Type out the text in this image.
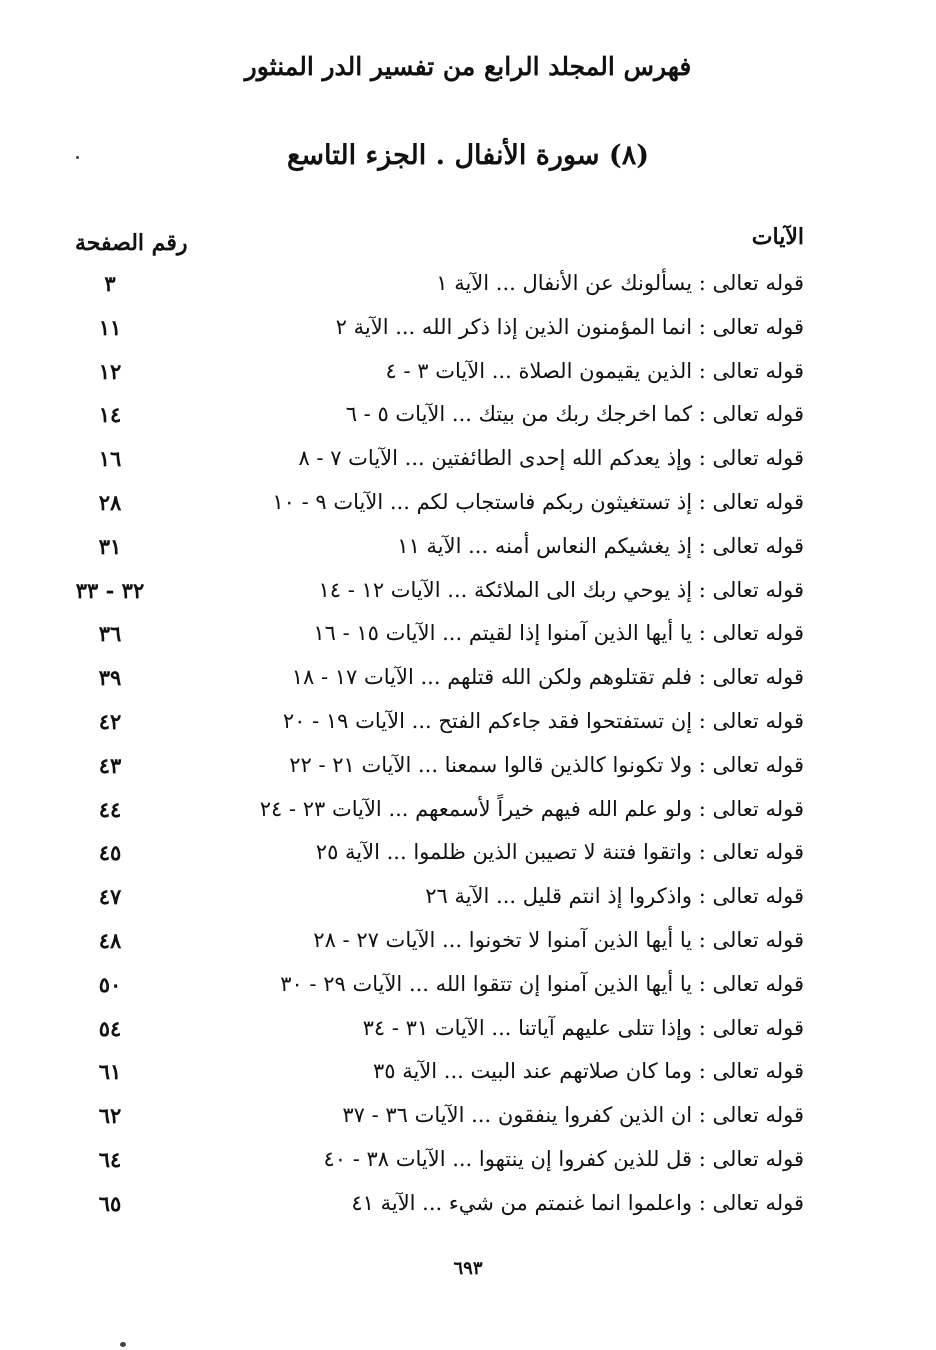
فهرس المجلد الرابع من تفسير الدر المنثور
(٨) سورة الأنفال . الجزء التاسع
الآيات
رقم الصفحة
قوله تعالى : يسألونك عن الأنفال ... الآية ١
٣
قوله تعالى : انما المؤمنون الذين إذا ذكر الله ... الآية ٢
١١
قوله تعالى : الذين يقيمون الصلاة ... الآيات ٣ - ٤
١٢
قوله تعالى : كما اخرجك ربك من بيتك ... الآيات ٥ - ٦
١٤
قوله تعالى : وإذ يعدكم الله إحدى الطائفتين ... الآيات ٧ - ٨
١٦
قوله تعالى : إذ تستغيثون ربكم فاستجاب لكم ... الآيات ٩ - ١٠
٢٨
قوله تعالى : إذ يغشيكم النعاس أمنه ... الآية ١١
٣١
قوله تعالى : إذ يوحي ربك الى الملائكة ... الآيات ١٢ - ١٤
٣٢ - ٣٣
قوله تعالى : يا أيها الذين آمنوا إذا لقيتم ... الآيات ١٥ - ١٦
٣٦
قوله تعالى : فلم تقتلوهم ولكن الله قتلهم ... الآيات ١٧ - ١٨
٣٩
قوله تعالى : إن تستفتحوا فقد جاءكم الفتح ... الآيات ١٩ - ٢٠
٤٢
قوله تعالى : ولا تكونوا كالذين قالوا سمعنا ... الآيات ٢١ - ٢٢
٤٣
قوله تعالى : ولو علم الله فيهم خيراً لأسمعهم ... الآيات ٢٣ - ٢٤
٤٤
قوله تعالى : واتقوا فتنة لا تصيبن الذين ظلموا ... الآية ٢٥
٤٥
قوله تعالى : واذكروا إذ انتم قليل ... الآية ٢٦
٤٧
قوله تعالى : يا أيها الذين آمنوا لا تخونوا ... الآيات ٢٧ - ٢٨
٤٨
قوله تعالى : يا أيها الذين آمنوا إن تتقوا الله ... الآيات ٢٩ - ٣٠
٥٠
قوله تعالى : وإذا تتلى عليهم آياتنا ... الآيات ٣١ - ٣٤
٥٤
قوله تعالى : وما كان صلاتهم عند البيت ... الآية ٣٥
٦١
قوله تعالى : ان الذين كفروا ينفقون ... الآيات ٣٦ - ٣٧
٦٢
قوله تعالى : قل للذين كفروا إن ينتهوا ... الآيات ٣٨ - ٤٠
٦٤
قوله تعالى : واعلموا انما غنمتم من شيء ... الآية ٤١
٦٥
٦٩٣
